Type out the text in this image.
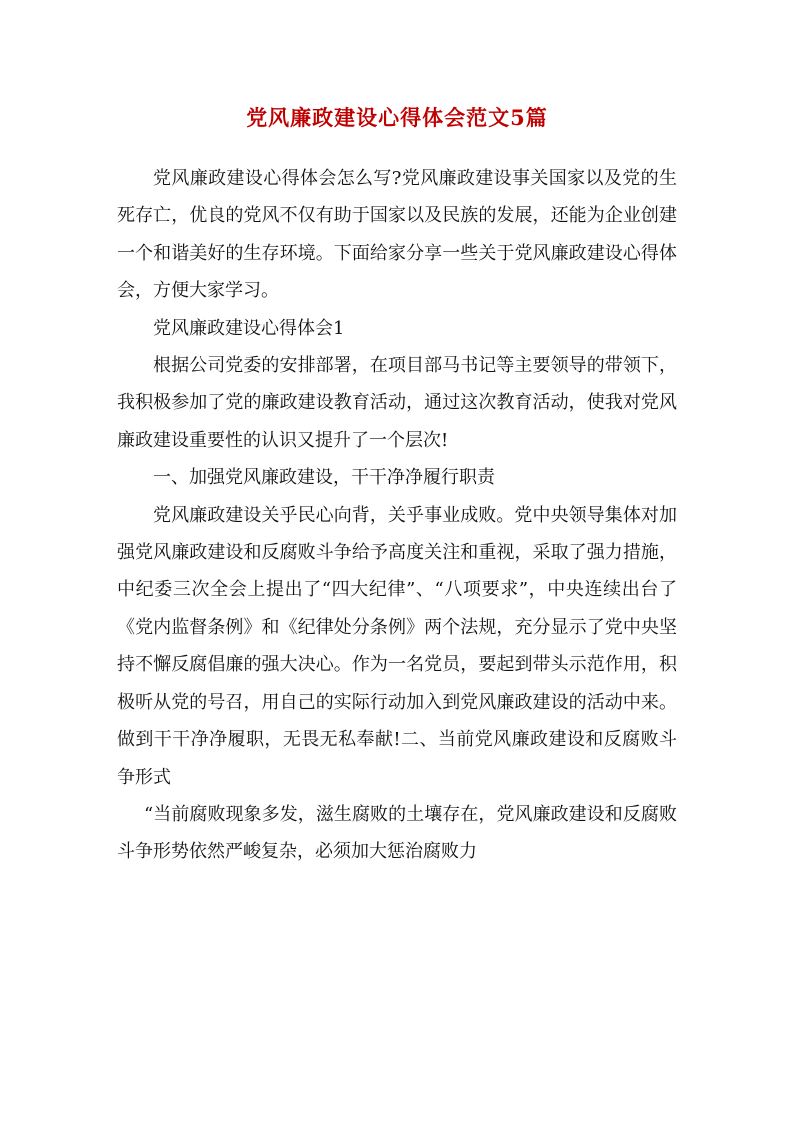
党风廉政建设心得体会范文5篇

党风廉政建设心得体会怎么写?党风廉政建设事关国家以及党的生死存亡，优良的党风不仅有助于国家以及民族的发展，还能为企业创建一个和谐美好的生存环境。下面给家分享一些关于党风廉政建设心得体会，方便大家学习。

党风廉政建设心得体会1

根据公司党委的安排部署，在项目部马书记等主要领导的带领下，我积极参加了党的廉政建设教育活动，通过这次教育活动，使我对党风廉政建设重要性的认识又提升了一个层次!

一、加强党风廉政建设，干干净净履行职责

党风廉政建设关乎民心向背，关乎事业成败。党中央领导集体对加强党风廉政建设和反腐败斗争给予高度关注和重视，采取了强力措施，中纪委三次全会上提出了“四大纪律”、“八项要求”，中央连续出台了《党内监督条例》和《纪律处分条例》两个法规，充分显示了党中央坚持不懈反腐倡廉的强大决心。作为一名党员，要起到带头示范作用，积极听从党的号召，用自己的实际行动加入到党风廉政建设的活动中来。做到干干净净履职，无畏无私奉献!二、当前党风廉政建设和反腐败斗争形式

“当前腐败现象多发，滋生腐败的土壤存在，党风廉政建设和反腐败斗争形势依然严峻复杂，必须加大惩治腐败力
